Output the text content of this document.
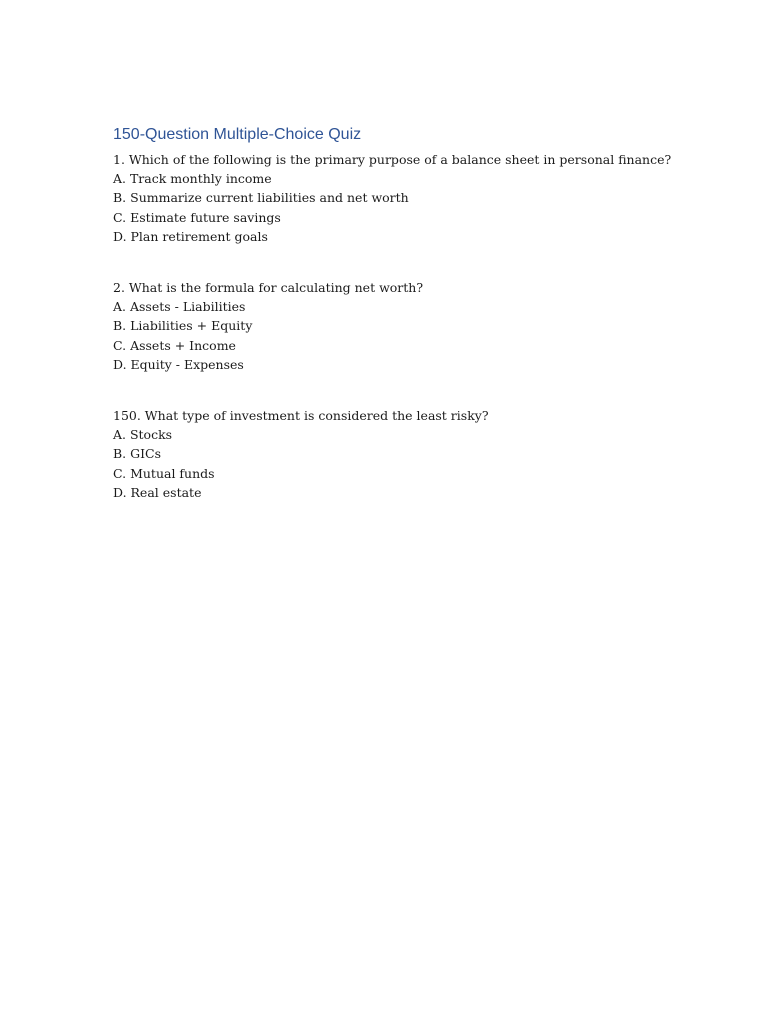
150-Question Multiple-Choice Quiz
1. Which of the following is the primary purpose of a balance sheet in personal finance?
A. Track monthly income
B. Summarize current liabilities and net worth
C. Estimate future savings
D. Plan retirement goals
2. What is the formula for calculating net worth?
A. Assets - Liabilities
B. Liabilities + Equity
C. Assets + Income
D. Equity - Expenses
150. What type of investment is considered the least risky?
A. Stocks
B. GICs
C. Mutual funds
D. Real estate
